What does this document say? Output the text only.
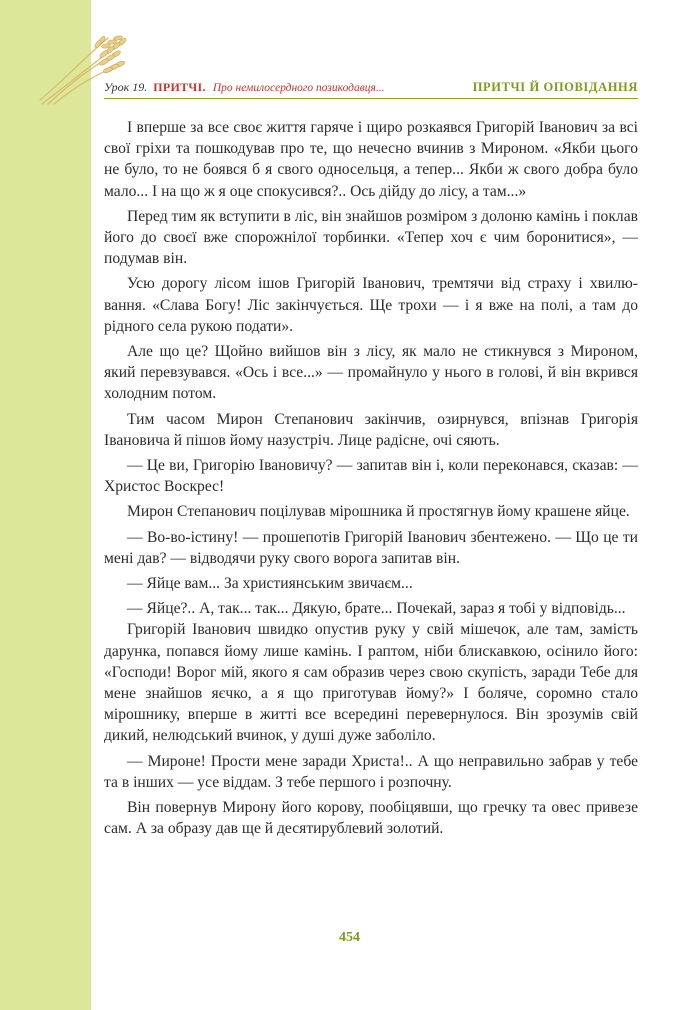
Урок 19. ПРИТЧІ. Про немилосердного позикодавця...	ПРИТЧІ Й ОПОВІДАННЯ

І вперше за все своє життя гаряче і щиро розкаявся Григорій Іванович за всі свої гріхи та пошкодував про те, що нечесно вчинив з Мироном. «Якби цього не було, то не боявся б я свого односельця, а тепер... Якби ж свого добра було мало... І на що ж я оце спокусився?.. Ось дійду до лісу, а там...»

Перед тим як вступити в ліс, він знайшов розміром з долоню камінь і поклав його до своєї вже спорожнілої торбинки. «Тепер хоч є чим боронитися», — подумав він.

Усю дорогу лісом ішов Григорій Іванович, тремтячи від страху і хвилювання. «Слава Богу! Ліс закінчується. Ще трохи — і я вже на полі, а там до рідного села рукою подати».

Але що це? Щойно вийшов він з лісу, як мало не стикнувся з Мироном, який перевзувався. «Ось і все...» — промайнуло у нього в голові, й він вкрився холодним потом.

Тим часом Мирон Степанович закінчив, озирнувся, впізнав Григорія Івановича й пішов йому назустріч. Лице радісне, очі сяють.

— Це ви, Григорію Івановичу? — запитав він і, коли переконався, сказав: — Христос Воскрес!

Мирон Степанович поцілував мірошника й простягнув йому крашене яйце.

— Во-во-істину! — прошепотів Григорій Іванович збентежено. — Що це ти мені дав? — відводячи руку свого ворога запитав він.

— Яйце вам... За християнським звичаєм...

— Яйце?.. А, так... так... Дякую, брате... Почекай, зараз я тобі у відповідь...

Григорій Іванович швидко опустив руку у свій мішечок, але там, замість дарунка, попався йому лише камінь. І раптом, ніби блискавкою, осінило його: «Господи! Ворог мій, якого я сам образив через свою скупість, заради Тебе для мене знайшов яєчко, а я що приготував йому?» І боляче, соромно стало мірошнику, вперше в житті все всередині перевернулося. Він зрозумів свій дикий, нелюдський вчинок, у душі дуже заболіло.

— Мироне! Прости мене заради Христа!.. А що неправильно забрав у тебе та в інших — усе віддам. З тебе першого і розпочну.

Він повернув Мирону його корову, пообіцявши, що гречку та овес привезе сам. А за образу дав ще й десятирублевий золотий.

454
